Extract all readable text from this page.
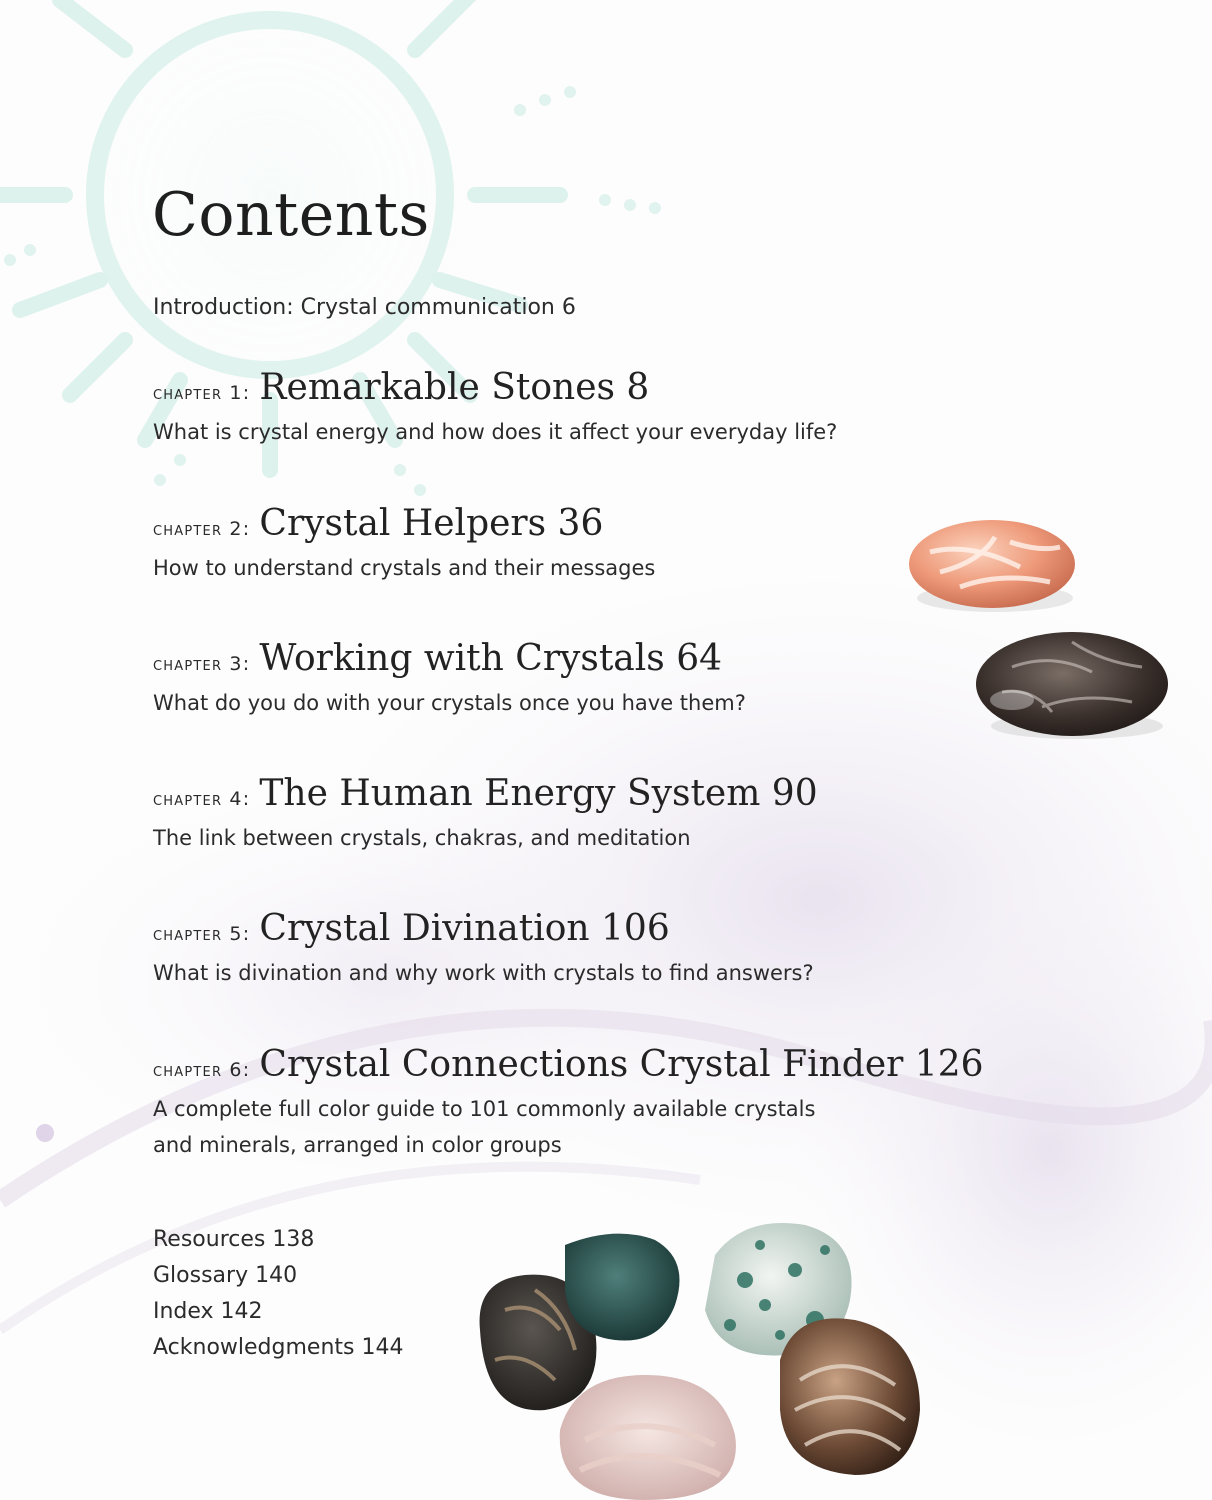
Contents
Introduction: Crystal communication 6
chapter 1: Remarkable Stones 8
What is crystal energy and how does it affect your everyday life?
chapter 2: Crystal Helpers 36
How to understand crystals and their messages
chapter 3: Working with Crystals 64
What do you do with your crystals once you have them?
chapter 4: The Human Energy System 90
The link between crystals, chakras, and meditation
chapter 5: Crystal Divination 106
What is divination and why work with crystals to find answers?
chapter 6: Crystal Connections Crystal Finder 126
A complete full color guide to 101 commonly available crystals and minerals, arranged in color groups
Resources 138
Glossary 140
Index 142
Acknowledgments 144
